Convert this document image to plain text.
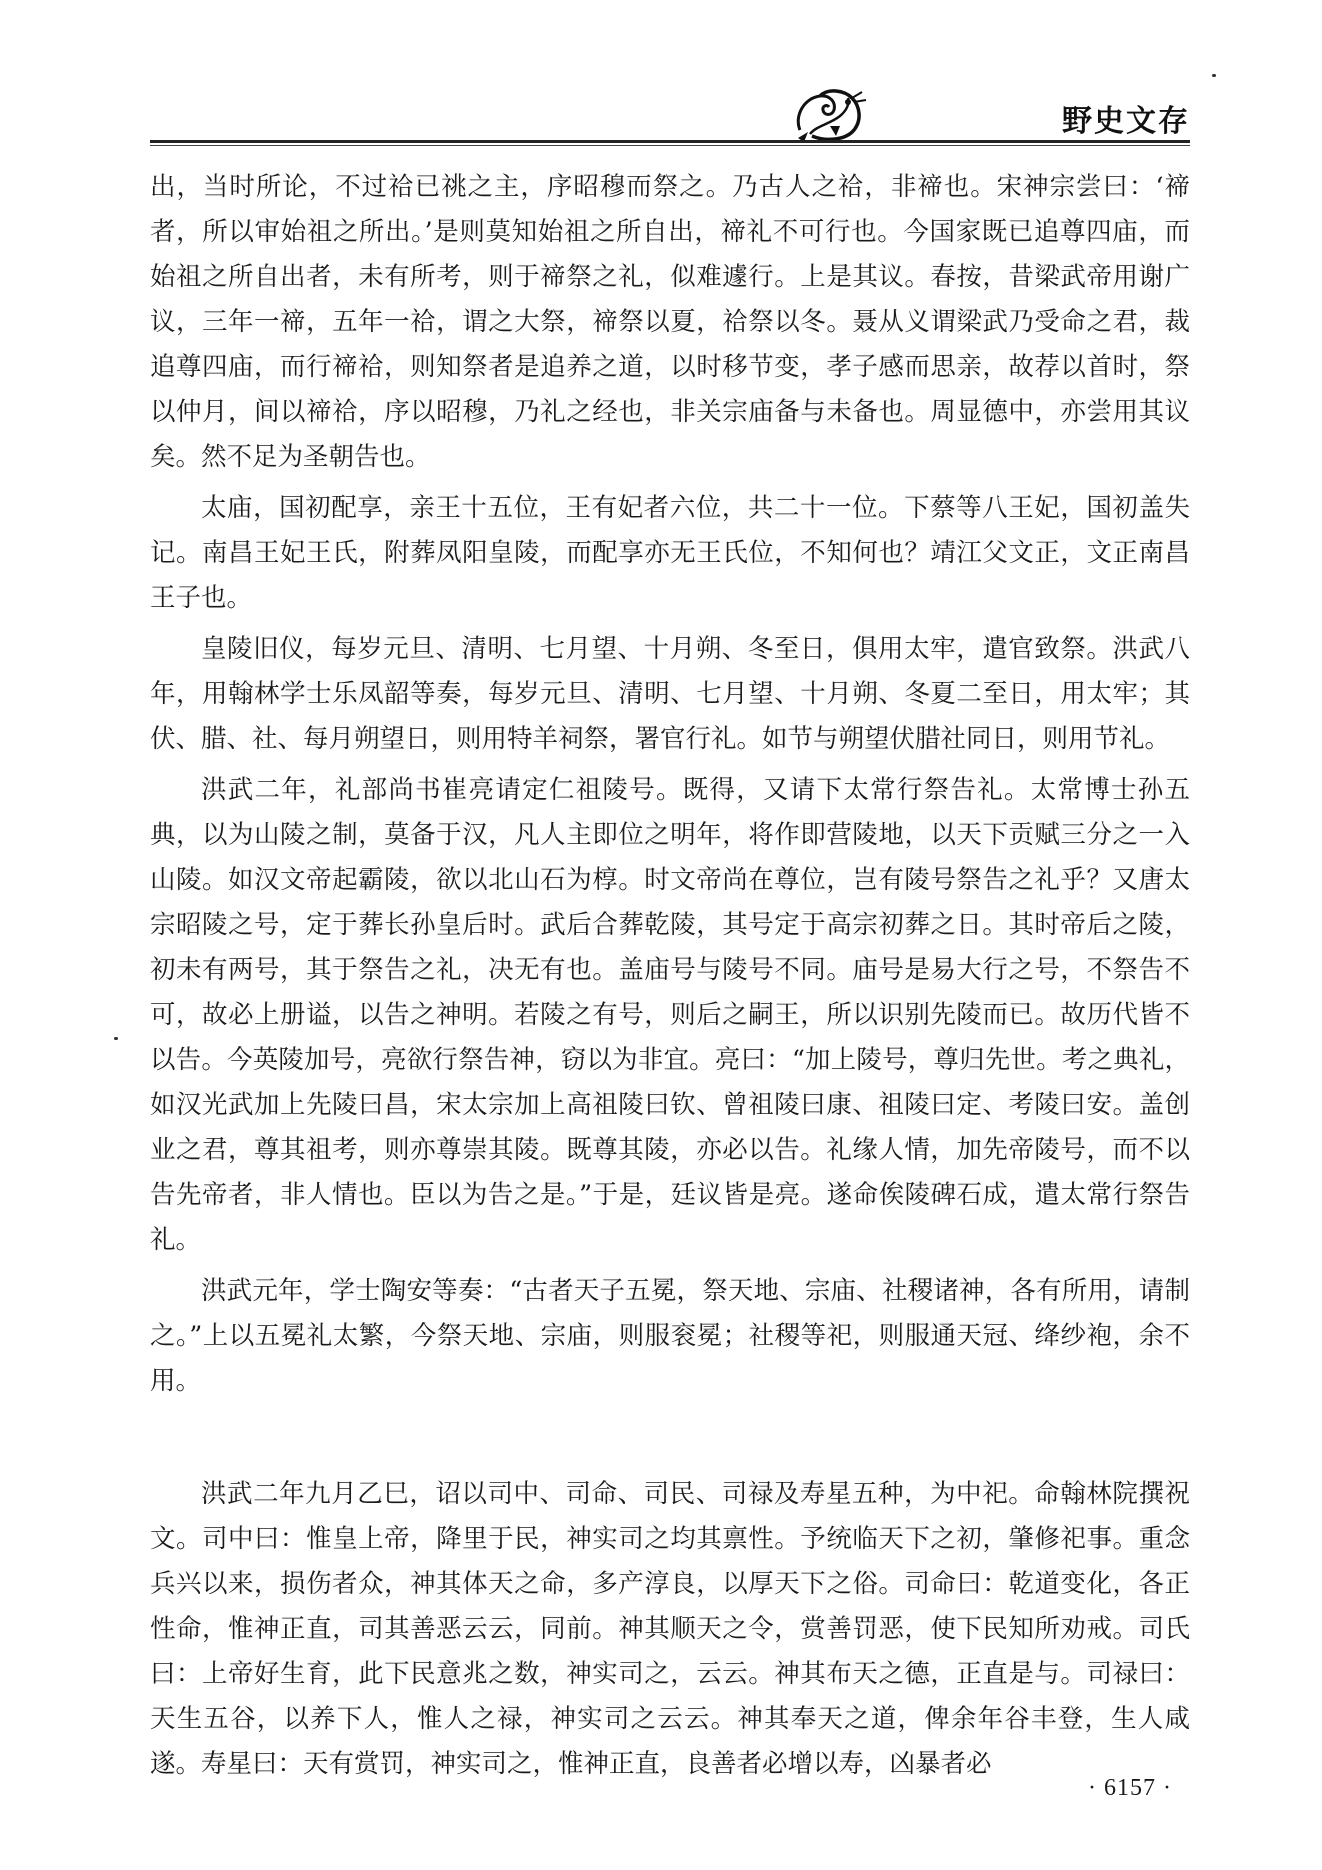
野史文存

出，当时所论，不过祫已祧之主，序昭穆而祭之。乃古人之祫，非禘也。宋神宗尝曰：‘禘者，所以审始祖之所出。’是则莫知始祖之所自出，禘礼不可行也。今国家既已追尊四庙，而始祖之所自出者，未有所考，则于禘祭之礼，似难遽行。上是其议。春按，昔梁武帝用谢广议，三年一禘，五年一祫，谓之大祭，禘祭以夏，祫祭以冬。聂从义谓梁武乃受命之君，裁追尊四庙，而行禘祫，则知祭者是追养之道，以时移节变，孝子感而思亲，故荐以首时，祭以仲月，间以禘祫，序以昭穆，乃礼之经也，非关宗庙备与未备也。周显德中，亦尝用其议矣。然不足为圣朝告也。

太庙，国初配享，亲王十五位，王有妃者六位，共二十一位。下蔡等八王妃，国初盖失记。南昌王妃王氏，附葬凤阳皇陵，而配享亦无王氏位，不知何也？靖江父文正，文正南昌王子也。

皇陵旧仪，每岁元旦、清明、七月望、十月朔、冬至日，俱用太牢，遣官致祭。洪武八年，用翰林学士乐凤韶等奏，每岁元旦、清明、七月望、十月朔、冬夏二至日，用太牢；其伏、腊、社、每月朔望日，则用特羊祠祭，署官行礼。如节与朔望伏腊社同日，则用节礼。

洪武二年，礼部尚书崔亮请定仁祖陵号。既得，又请下太常行祭告礼。太常博士孙五典，以为山陵之制，莫备于汉，凡人主即位之明年，将作即营陵地，以天下贡赋三分之一入山陵。如汉文帝起霸陵，欲以北山石为椁。时文帝尚在尊位，岂有陵号祭告之礼乎？又唐太宗昭陵之号，定于葬长孙皇后时。武后合葬乾陵，其号定于高宗初葬之日。其时帝后之陵，初未有两号，其于祭告之礼，决无有也。盖庙号与陵号不同。庙号是易大行之号，不祭告不可，故必上册谥，以告之神明。若陵之有号，则后之嗣王，所以识别先陵而已。故历代皆不以告。今英陵加号，亮欲行祭告神，窃以为非宜。亮曰：“加上陵号，尊归先世。考之典礼，如汉光武加上先陵曰昌，宋太宗加上高祖陵曰钦、曾祖陵曰康、祖陵曰定、考陵曰安。盖创业之君，尊其祖考，则亦尊崇其陵。既尊其陵，亦必以告。礼缘人情，加先帝陵号，而不以告先帝者，非人情也。臣以为告之是。”于是，廷议皆是亮。遂命俟陵碑石成，遣太常行祭告礼。

洪武元年，学士陶安等奏：“古者天子五冕，祭天地、宗庙、社稷诸神，各有所用，请制之。”上以五冕礼太繁，今祭天地、宗庙，则服衮冕；社稷等祀，则服通天冠、绛纱袍，余不用。

洪武二年九月乙巳，诏以司中、司命、司民、司禄及寿星五种，为中祀。命翰林院撰祝文。司中曰：惟皇上帝，降里于民，神实司之均其禀性。予统临天下之初，肇修祀事。重念兵兴以来，损伤者众，神其体天之命，多产淳良，以厚天下之俗。司命曰：乾道变化，各正性命，惟神正直，司其善恶云云，同前。神其顺天之令，赏善罚恶，使下民知所劝戒。司氏曰：上帝好生育，此下民意兆之数，神实司之，云云。神其布天之德，正直是与。司禄曰：天生五谷，以养下人，惟人之禄，神实司之云云。神其奉天之道，俾余年谷丰登，生人咸遂。寿星曰：天有赏罚，神实司之，惟神正直，良善者必增以寿，凶暴者必

· 6157 ·
